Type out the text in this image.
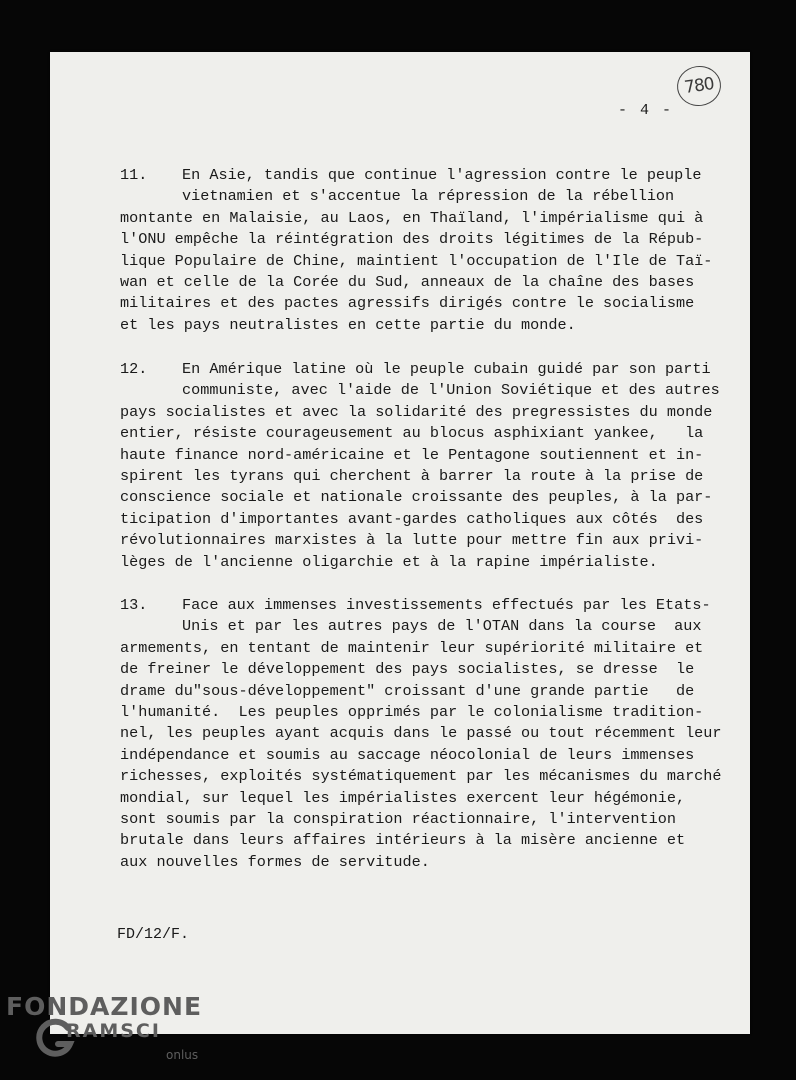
780
- 4 -
11. En Asie, tandis que continue l'agression contre le peuple
vietnamien et s'accentue la répression de la rébellion
montante en Malaisie, au Laos, en Thaïland, l'impérialisme qui à
l'ONU empêche la réintégration des droits légitimes de la Répub-
lique Populaire de Chine, maintient l'occupation de l'Ile de Taï-
wan et celle de la Corée du Sud, anneaux de la chaîne des bases
militaires et des pactes agressifs dirigés contre le socialisme
et les pays neutralistes en cette partie du monde.
12. En Amérique latine où le peuple cubain guidé par son parti
communiste, avec l'aide de l'Union Soviétique et des autres
pays socialistes et avec la solidarité des pregressistes du monde
entier, résiste courageusement au blocus asphixiant yankee,   la
haute finance nord-américaine et le Pentagone soutiennent et in-
spirent les tyrans qui cherchent à barrer la route à la prise de
conscience sociale et nationale croissante des peuples, à la par-
ticipation d'importantes avant-gardes catholiques aux côtés  des
révolutionnaires marxistes à la lutte pour mettre fin aux privi-
lèges de l'ancienne oligarchie et à la rapine impérialiste.
13. Face aux immenses investissements effectués par les Etats-
Unis et par les autres pays de l'OTAN dans la course  aux
armements, en tentant de maintenir leur supériorité militaire et
de freiner le développement des pays socialistes, se dresse  le
drame du"sous-développement" croissant d'une grande partie   de
l'humanité.  Les peuples opprimés par le colonialisme tradition-
nel, les peuples ayant acquis dans le passé ou tout récemment leur
indépendance et soumis au saccage néocolonial de leurs immenses
richesses, exploités systématiquement par les mécanismes du marché
mondial, sur lequel les impérialistes exercent leur hégémonie,
sont soumis par la conspiration réactionnaire, l'intervention
brutale dans leurs affaires intérieurs à la misère ancienne et
aux nouvelles formes de servitude.
FD/12/F.
FONDAZIONE
RAMSCI
onlus
